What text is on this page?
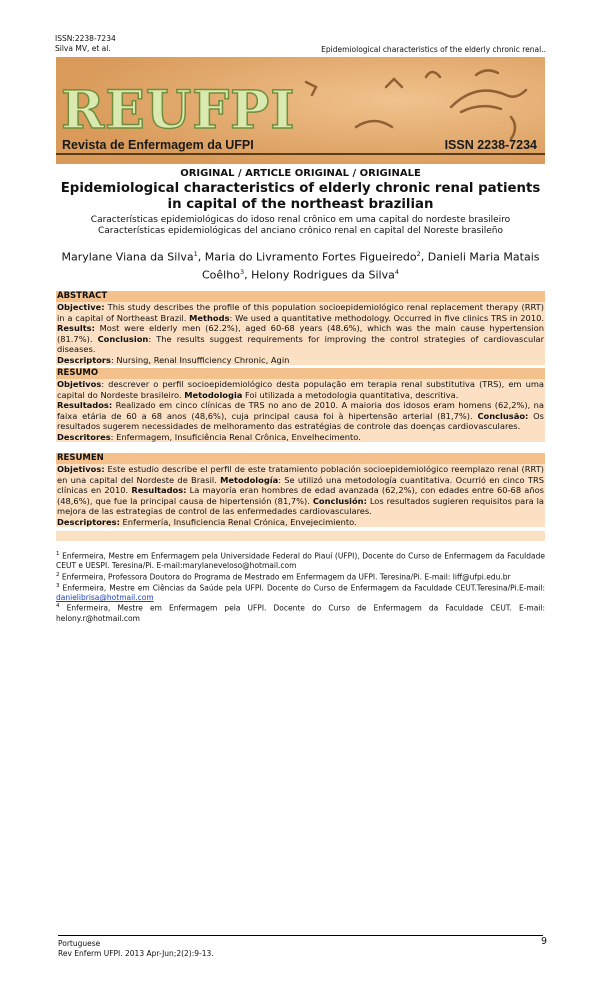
ISSN:2238-7234
Silva MV, et al.	Epidemiological characteristics of the elderly chronic renal..
REUFPI
Revista de Enfermagem da UFPI	ISSN 2238-7234
ORIGINAL / ARTICLE ORIGINAL / ORIGINALE
Epidemiological characteristics of elderly chronic renal patients in capital of the northeast brazilian
Características epidemiológicas do idoso renal crônico em uma capital do nordeste brasileiro
Características epidemiológicas del anciano crônico renal en capital del Noreste brasileño
Marylane Viana da Silva$^1$, Maria do Livramento Fortes Figueiredo$^2$, Danieli Maria Matais Coêlho$^3$, Helony Rodrigues da Silva$^4$
ABSTRACT
Objective: This study describes the profile of this population socioepidemiológico renal replacement therapy (RRT) in a capital of Northeast Brazil. Methods: We used a quantitative methodology. Occurred in five clinics TRS in 2010. Results: Most were elderly men (62.2%), aged 60-68 years (48.6%), which was the main cause hypertension (81.7%). Conclusion: The results suggest requirements for improving the control strategies of cardiovascular diseases.
Descriptors: Nursing, Renal Insufficiency Chronic, Agin
RESUMO
Objetivos: descrever o perfil socioepidemiológico desta população em terapia renal substitutiva (TRS), em uma capital do Nordeste brasileiro. Metodologia Foi utilizada a metodologia quantitativa, descritiva.
Resultados: Realizado em cinco clínicas de TRS no ano de 2010. A maioria dos idosos eram homens (62,2%), na faixa etária de 60 a 68 anos (48,6%), cuja principal causa foi à hipertensão arterial (81,7%). Conclusão: Os resultados sugerem necessidades de melhoramento das estratégias de controle das doenças cardiovasculares.
Descritores: Enfermagem, Insuficiência Renal Crônica, Envelhecimento.
RESUMEN
Objetivos: Este estudio describe el perfil de este tratamiento población socioepidemiológico reemplazo renal (RRT) en una capital del Nordeste de Brasil. Metodología: Se utilizó una metodología cuantitativa. Ocurrió en cinco TRS clínicas en 2010. Resultados: La mayoría eran hombres de edad avanzada (62,2%), con edades entre 60-68 años (48,6%), que fue la principal causa de hipertensión (81,7%). Conclusión: Los resultados sugieren requisitos para la mejora de las estrategias de control de las enfermedades cardiovasculares.
Descriptores: Enfermería, Insuficiencia Renal Crónica, Envejecimiento.
$^1$ Enfermeira, Mestre em Enfermagem pela Universidade Federal do Piauí (UFPI), Docente do Curso de Enfermagem da Faculdade CEUT e UESPI. Teresina/Pi. E-mail:marylaneveloso@hotmail.com
$^2$ Enfermeira, Professora Doutora do Programa de Mestrado em Enfermagem da UFPI. Teresina/Pi. E-mail: liff@ufpi.edu.br
$^3$ Enfermeira, Mestre em Ciências da Saúde pela UFPI. Docente do Curso de Enfermagem da Faculdade CEUT.Teresina/Pi.E-mail: danielibrisa@hotmail.com
$^4$ Enfermeira, Mestre em Enfermagem pela UFPI. Docente do Curso de Enfermagem da Faculdade CEUT. E-mail: helony.r@hotmail.com
Portuguese
Rev Enferm UFPI. 2013 Apr-Jun;2(2):9-13.
9
